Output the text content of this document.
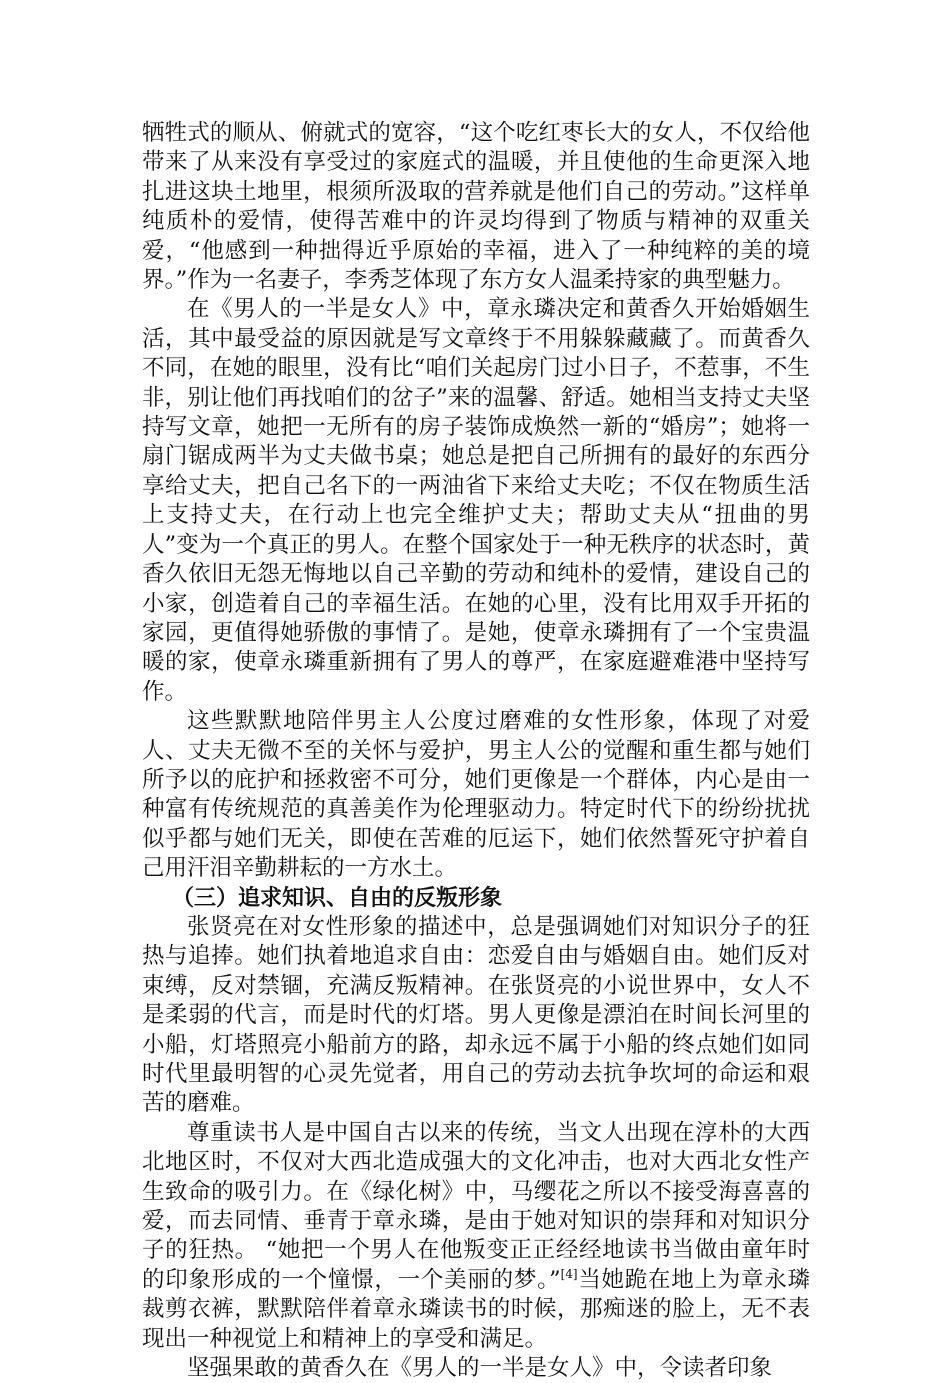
牺牲式的顺从、俯就式的宽容，“这个吃红枣长大的女人，不仅给他带来了从来没有享受过的家庭式的温暖，并且使他的生命更深入地扎进这块土地里，根须所汲取的营养就是他们自己的劳动。”这样单纯质朴的爱情，使得苦难中的许灵均得到了物质与精神的双重关爱，“他感到一种拙得近乎原始的幸福，进入了一种纯粹的美的境界。”作为一名妻子，李秀芝体现了东方女人温柔持家的典型魅力。

在《男人的一半是女人》中，章永璘决定和黄香久开始婚姻生活，其中最受益的原因就是写文章终于不用躲躲藏藏了。而黄香久不同，在她的眼里，没有比“咱们关起房门过小日子，不惹事，不生非，别让他们再找咱们的岔子”来的温馨、舒适。她相当支持丈夫坚持写文章，她把一无所有的房子装饰成焕然一新的“婚房”；她将一扇门锯成两半为丈夫做书桌；她总是把自己所拥有的最好的东西分享给丈夫，把自己名下的一两油省下来给丈夫吃；不仅在物质生活上支持丈夫，在行动上也完全维护丈夫；帮助丈夫从“扭曲的男人”变为一个真正的男人。在整个国家处于一种无秩序的状态时，黄香久依旧无怨无悔地以自己辛勤的劳动和纯朴的爱情，建设自己的小家，创造着自己的幸福生活。在她的心里，没有比用双手开拓的家园，更值得她骄傲的事情了。是她，使章永璘拥有了一个宝贵温暖的家，使章永璘重新拥有了男人的尊严，在家庭避难港中坚持写作。

这些默默地陪伴男主人公度过磨难的女性形象，体现了对爱人、丈夫无微不至的关怀与爱护，男主人公的觉醒和重生都与她们所予以的庇护和拯救密不可分，她们更像是一个群体，内心是由一种富有传统规范的真善美作为伦理驱动力。特定时代下的纷纷扰扰似乎都与她们无关，即使在苦难的厄运下，她们依然誓死守护着自己用汗泪辛勤耕耘的一方水土。

（三）追求知识、自由的反叛形象

张贤亮在对女性形象的描述中，总是强调她们对知识分子的狂热与追捧。她们执着地追求自由：恋爱自由与婚姻自由。她们反对束缚，反对禁锢，充满反叛精神。在张贤亮的小说世界中，女人不是柔弱的代言，而是时代的灯塔。男人更像是漂泊在时间长河里的小船，灯塔照亮小船前方的路，却永远不属于小船的终点她们如同时代里最明智的心灵先觉者，用自己的劳动去抗争坎坷的命运和艰苦的磨难。

尊重读书人是中国自古以来的传统，当文人出现在淳朴的大西北地区时，不仅对大西北造成强大的文化冲击，也对大西北女性产生致命的吸引力。在《绿化树》中，马缨花之所以不接受海喜喜的爱，而去同情、垂青于章永璘，是由于她对知识的崇拜和对知识分子的狂热。 “她把一个男人在他叛变正正经经地读书当做由童年时的印象形成的一个憧憬，一个美丽的梦。”[4]当她跪在地上为章永璘裁剪衣裤，默默陪伴着章永璘读书的时候，那痴迷的脸上，无不表现出一种视觉上和精神上的享受和满足。

坚强果敢的黄香久在《男人的一半是女人》中，令读者印象
